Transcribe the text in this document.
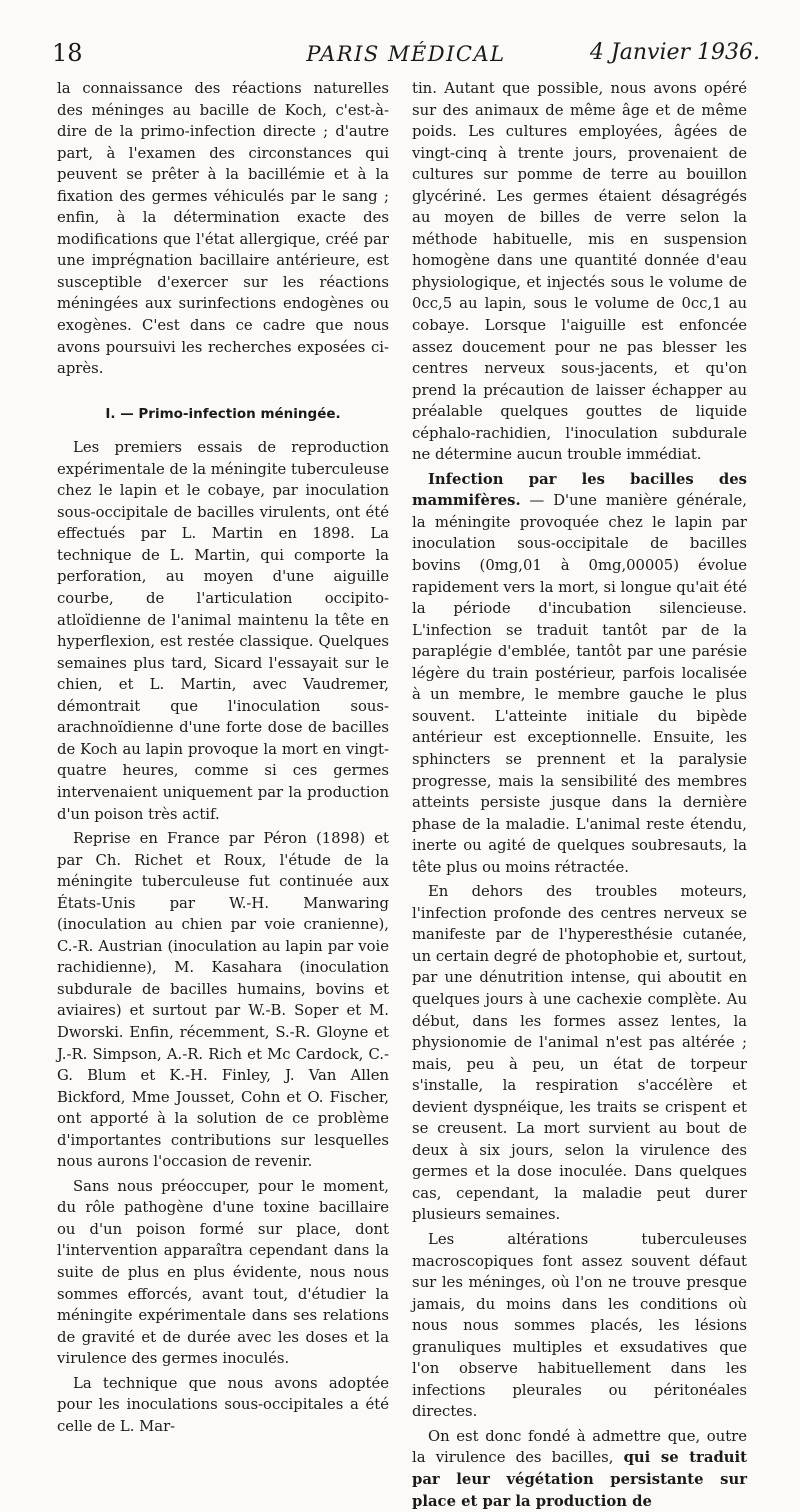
18	PARIS MÉDICAL	4 Janvier 1936.

la connaissance des réactions naturelles des méninges au bacille de Koch, c'est-à-dire de la primo-infection directe ; d'autre part, à l'examen des circonstances qui peuvent se prêter à la bacillémie et à la fixation des germes véhiculés par le sang ; enfin, à la détermination exacte des modifications que l'état allergique, créé par une imprégnation bacillaire antérieure, est susceptible d'exercer sur les réactions méningées aux surinfections endogènes ou exogènes. C'est dans ce cadre que nous avons poursuivi les recherches exposées ci-après.

I. — Primo-infection méningée.

Les premiers essais de reproduction expérimentale de la méningite tuberculeuse chez le lapin et le cobaye, par inoculation sous-occipitale de bacilles virulents, ont été effectués par L. Martin en 1898. La technique de L. Martin, qui comporte la perforation, au moyen d'une aiguille courbe, de l'articulation occipito-atloïdienne de l'animal maintenu la tête en hyperflexion, est restée classique. Quelques semaines plus tard, Sicard l'essayait sur le chien, et L. Martin, avec Vaudremer, démontrait que l'inoculation sous-arachnoïdienne d'une forte dose de bacilles de Koch au lapin provoque la mort en vingt-quatre heures, comme si ces germes intervenaient uniquement par la production d'un poison très actif.

Reprise en France par Péron (1898) et par Ch. Richet et Roux, l'étude de la méningite tuberculeuse fut continuée aux États-Unis par W.-H. Manwaring (inoculation au chien par voie cranienne), C.-R. Austrian (inoculation au lapin par voie rachidienne), M. Kasahara (inoculation subdurale de bacilles humains, bovins et aviaires) et surtout par W.-B. Soper et M. Dworski. Enfin, récemment, S.-R. Gloyne et J.-R. Simpson, A.-R. Rich et Mc Cardock, C.-G. Blum et K.-H. Finley, J. Van Allen Bickford, Mme Jousset, Cohn et O. Fischer, ont apporté à la solution de ce problème d'importantes contributions sur lesquelles nous aurons l'occasion de revenir.

Sans nous préoccuper, pour le moment, du rôle pathogène d'une toxine bacillaire ou d'un poison formé sur place, dont l'intervention apparaîtra cependant dans la suite de plus en plus évidente, nous nous sommes efforcés, avant tout, d'étudier la méningite expérimentale dans ses relations de gravité et de durée avec les doses et la virulence des germes inoculés.

La technique que nous avons adoptée pour les inoculations sous-occipitales a été celle de L. Mar-

tin. Autant que possible, nous avons opéré sur des animaux de même âge et de même poids. Les cultures employées, âgées de vingt-cinq à trente jours, provenaient de cultures sur pomme de terre au bouillon glycériné. Les germes étaient désagrégés au moyen de billes de verre selon la méthode habituelle, mis en suspension homogène dans une quantité donnée d'eau physiologique, et injectés sous le volume de 0cc,5 au lapin, sous le volume de 0cc,1 au cobaye. Lorsque l'aiguille est enfoncée assez doucement pour ne pas blesser les centres nerveux sous-jacents, et qu'on prend la précaution de laisser échapper au préalable quelques gouttes de liquide céphalo-rachidien, l'inoculation subdurale ne détermine aucun trouble immédiat.

Infection par les bacilles des mammifères. — D'une manière générale, la méningite provoquée chez le lapin par inoculation sous-occipitale de bacilles bovins (0mg,01 à 0mg,00005) évolue rapidement vers la mort, si longue qu'ait été la période d'incubation silencieuse. L'infection se traduit tantôt par de la paraplégie d'emblée, tantôt par une parésie légère du train postérieur, parfois localisée à un membre, le membre gauche le plus souvent. L'atteinte initiale du bipède antérieur est exceptionnelle. Ensuite, les sphincters se prennent et la paralysie progresse, mais la sensibilité des membres atteints persiste jusque dans la dernière phase de la maladie. L'animal reste étendu, inerte ou agité de quelques soubresauts, la tête plus ou moins rétractée.

En dehors des troubles moteurs, l'infection profonde des centres nerveux se manifeste par de l'hyperesthésie cutanée, un certain degré de photophobie et, surtout, par une dénutrition intense, qui aboutit en quelques jours à une cachexie complète. Au début, dans les formes assez lentes, la physionomie de l'animal n'est pas altérée ; mais, peu à peu, un état de torpeur s'installe, la respiration s'accélère et devient dyspnéique, les traits se crispent et se creusent. La mort survient au bout de deux à six jours, selon la virulence des germes et la dose inoculée. Dans quelques cas, cependant, la maladie peut durer plusieurs semaines.

Les altérations tuberculeuses macroscopiques font assez souvent défaut sur les méninges, où l'on ne trouve presque jamais, du moins dans les conditions où nous nous sommes placés, les lésions granuliques multiples et exsudatives que l'on observe habituellement dans les infections pleurales ou péritonéales directes.

On est donc fondé à admettre que, outre la virulence des bacilles, qui se traduit par leur végétation persistante sur place et par la production de
